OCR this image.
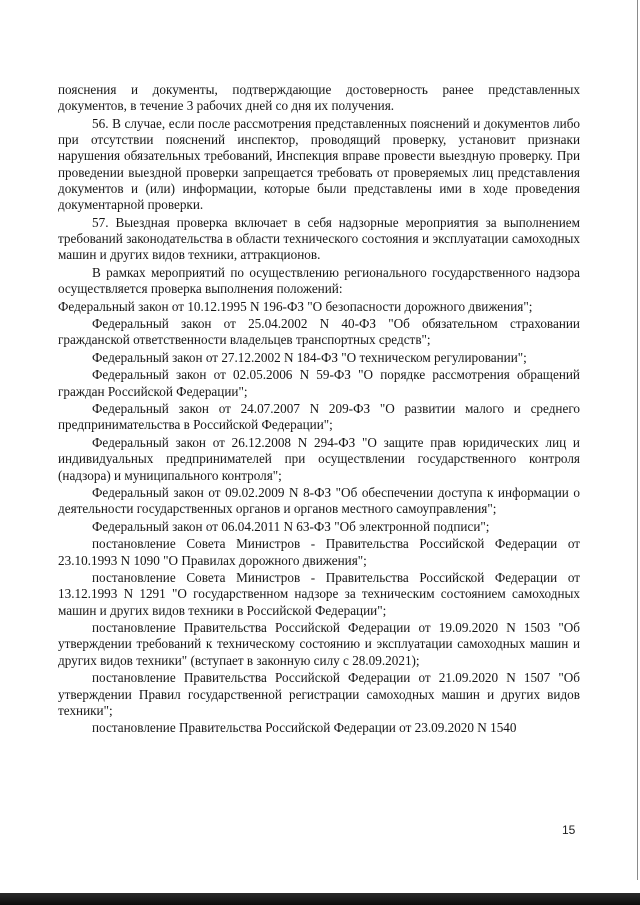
пояснения и документы, подтверждающие достоверность ранее представленных документов, в течение 3 рабочих дней со дня их получения.

56. В случае, если после рассмотрения представленных пояснений и документов либо при отсутствии пояснений инспектор, проводящий проверку, установит признаки нарушения обязательных требований, Инспекция вправе провести выездную проверку. При проведении выездной проверки запрещается требовать от проверяемых лиц представления документов и (или) информации, которые были представлены ими в ходе проведения документарной проверки.

57. Выездная проверка включает в себя надзорные мероприятия за выполнением требований законодательства в области технического состояния и эксплуатации самоходных машин и других видов техники, аттракционов.

В рамках мероприятий по осуществлению регионального государственного надзора осуществляется проверка выполнения положений:

Федеральный закон от 10.12.1995 N 196-ФЗ "О безопасности дорожного движения";

Федеральный закон от 25.04.2002 N 40-ФЗ "Об обязательном страховании гражданской ответственности владельцев транспортных средств";

Федеральный закон от 27.12.2002 N 184-ФЗ "О техническом регулировании";

Федеральный закон от 02.05.2006 N 59-ФЗ "О порядке рассмотрения обращений граждан Российской Федерации";

Федеральный закон от 24.07.2007 N 209-ФЗ "О развитии малого и среднего предпринимательства в Российской Федерации";

Федеральный закон от 26.12.2008 N 294-ФЗ "О защите прав юридических лиц и индивидуальных предпринимателей при осуществлении государственного контроля (надзора) и муниципального контроля";

Федеральный закон от 09.02.2009 N 8-ФЗ "Об обеспечении доступа к информации о деятельности государственных органов и органов местного самоуправления";

Федеральный закон от 06.04.2011 N 63-ФЗ "Об электронной подписи";

постановление Совета Министров - Правительства Российской Федерации от 23.10.1993 N 1090 "О Правилах дорожного движения";

постановление Совета Министров - Правительства Российской Федерации от 13.12.1993 N 1291 "О государственном надзоре за техническим состоянием самоходных машин и других видов техники в Российской Федерации";

постановление Правительства Российской Федерации от 19.09.2020 N 1503 "Об утверждении требований к техническому состоянию и эксплуатации самоходных машин и других видов техники" (вступает в законную силу с 28.09.2021);

постановление Правительства Российской Федерации от 21.09.2020 N 1507 "Об утверждении Правил государственной регистрации самоходных машин и других видов техники";

постановление Правительства Российской Федерации от 23.09.2020 N 1540

15
